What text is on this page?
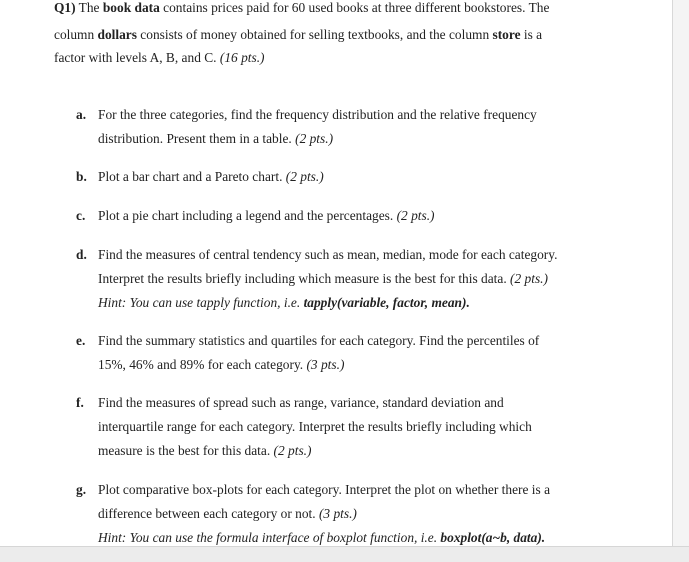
Q1) The book data contains prices paid for 60 used books at three different bookstores. The
column dollars consists of money obtained for selling textbooks, and the column store is a
factor with levels A, B, and C. (16 pts.)
a. For the three categories, find the frequency distribution and the relative frequency
distribution. Present them in a table. (2 pts.)
b. Plot a bar chart and a Pareto chart. (2 pts.)
c. Plot a pie chart including a legend and the percentages. (2 pts.)
d. Find the measures of central tendency such as mean, median, mode for each category.
Interpret the results briefly including which measure is the best for this data. (2 pts.)
Hint: You can use tapply function, i.e. tapply(variable, factor, mean).
e. Find the summary statistics and quartiles for each category. Find the percentiles of
15%, 46% and 89% for each category. (3 pts.)
f. Find the measures of spread such as range, variance, standard deviation and
interquartile range for each category. Interpret the results briefly including which
measure is the best for this data. (2 pts.)
g. Plot comparative box-plots for each category. Interpret the plot on whether there is a
difference between each category or not. (3 pts.)
Hint: You can use the formula interface of boxplot function, i.e. boxplot(a~b, data).
